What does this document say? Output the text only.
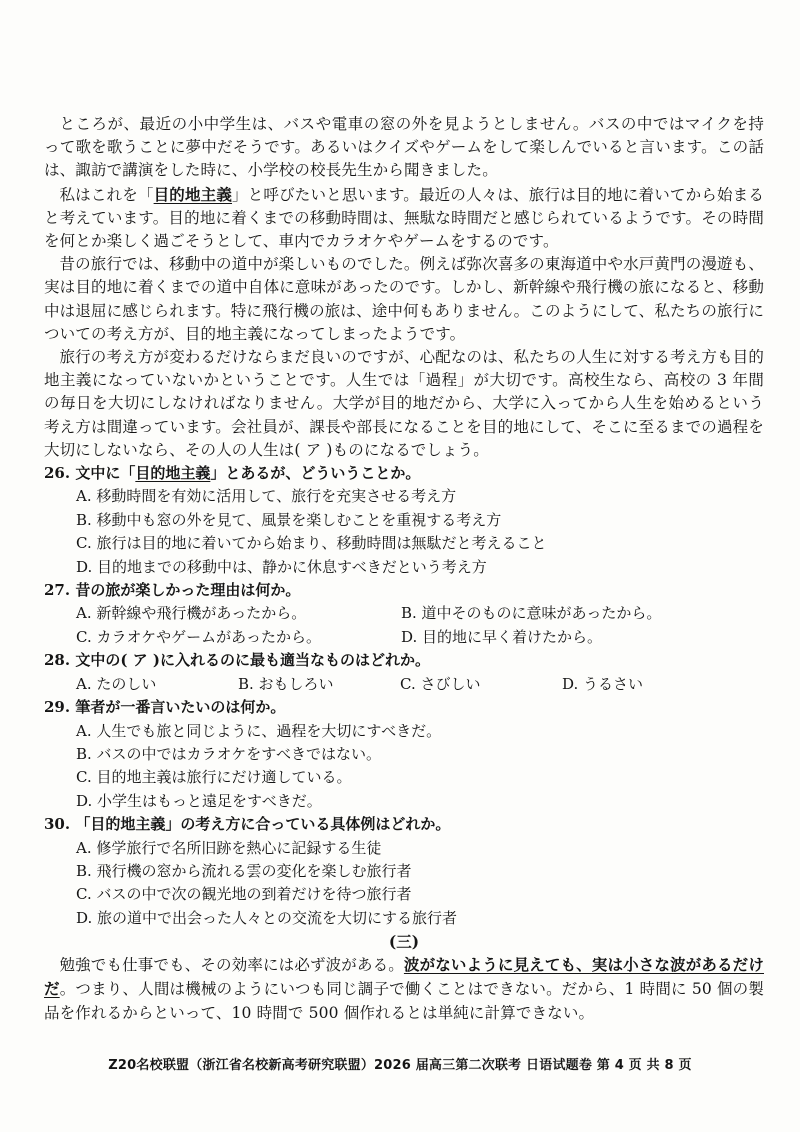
ところが、最近の小中学生は、バスや電車の窓の外を見ようとしません。バスの中ではマイクを持って歌を歌うことに夢中だそうです。あるいはクイズやゲームをして楽しんでいると言います。この話は、諏訪で講演をした時に、小学校の校長先生から聞きました。

私はこれを「目的地主義」と呼びたいと思います。最近の人々は、旅行は目的地に着いてから始まると考えています。目的地に着くまでの移動時間は、無駄な時間だと感じられているようです。その時間を何とか楽しく過ごそうとして、車内でカラオケやゲームをするのです。

昔の旅行では、移動中の道中が楽しいものでした。例えば弥次喜多の東海道中や水戸黄門の漫遊も、実は目的地に着くまでの道中自体に意味があったのです。しかし、新幹線や飛行機の旅になると、移動中は退屈に感じられます。特に飛行機の旅は、途中何もありません。このようにして、私たちの旅行についての考え方が、目的地主義になってしまったようです。

旅行の考え方が変わるだけならまだ良いのですが、心配なのは、私たちの人生に対する考え方も目的地主義になっていないかということです。人生では「過程」が大切です。高校生なら、高校の 3 年間の毎日を大切にしなければなりません。大学が目的地だから、大学に入ってから人生を始めるという考え方は間違っています。会社員が、課長や部長になることを目的地にして、そこに至るまでの過程を大切にしないなら、その人の人生は( ア )ものになるでしょう。

26. 文中に「目的地主義」とあるが、どういうことか。

A. 移動時間を有効に活用して、旅行を充実させる考え方
B. 移動中も窓の外を見て、風景を楽しむことを重視する考え方
C. 旅行は目的地に着いてから始まり、移動時間は無駄だと考えること
D. 目的地までの移動中は、静かに休息すべきだという考え方

27. 昔の旅が楽しかった理由は何か。

A. 新幹線や飛行機があったから。	B. 道中そのものに意味があったから。
C. カラオケやゲームがあったから。	D. 目的地に早く着けたから。

28. 文中の( ア )に入れるのに最も適当なものはどれか。

A. たのしい	B. おもしろい	C. さびしい	D. うるさい

29. 筆者が一番言いたいのは何か。

A. 人生でも旅と同じように、過程を大切にすべきだ。
B. バスの中ではカラオケをすべきではない。
C. 目的地主義は旅行にだけ適している。
D. 小学生はもっと遠足をすべきだ。

30. 「目的地主義」の考え方に合っている具体例はどれか。

A. 修学旅行で名所旧跡を熱心に記録する生徒
B. 飛行機の窓から流れる雲の変化を楽しむ旅行者
C. バスの中で次の観光地の到着だけを待つ旅行者
D. 旅の道中で出会った人々との交流を大切にする旅行者

(三)

勉強でも仕事でも、その効率には必ず波がある。波がないように見えても、実は小さな波があるだけだ。つまり、人間は機械のようにいつも同じ調子で働くことはできない。だから、1 時間に 50 個の製品を作れるからといって、10 時間で 500 個作れるとは単純に計算できない。

Z20名校联盟（浙江省名校新高考研究联盟）2026 届高三第二次联考 日语试题卷 第 4 页 共 8 页
